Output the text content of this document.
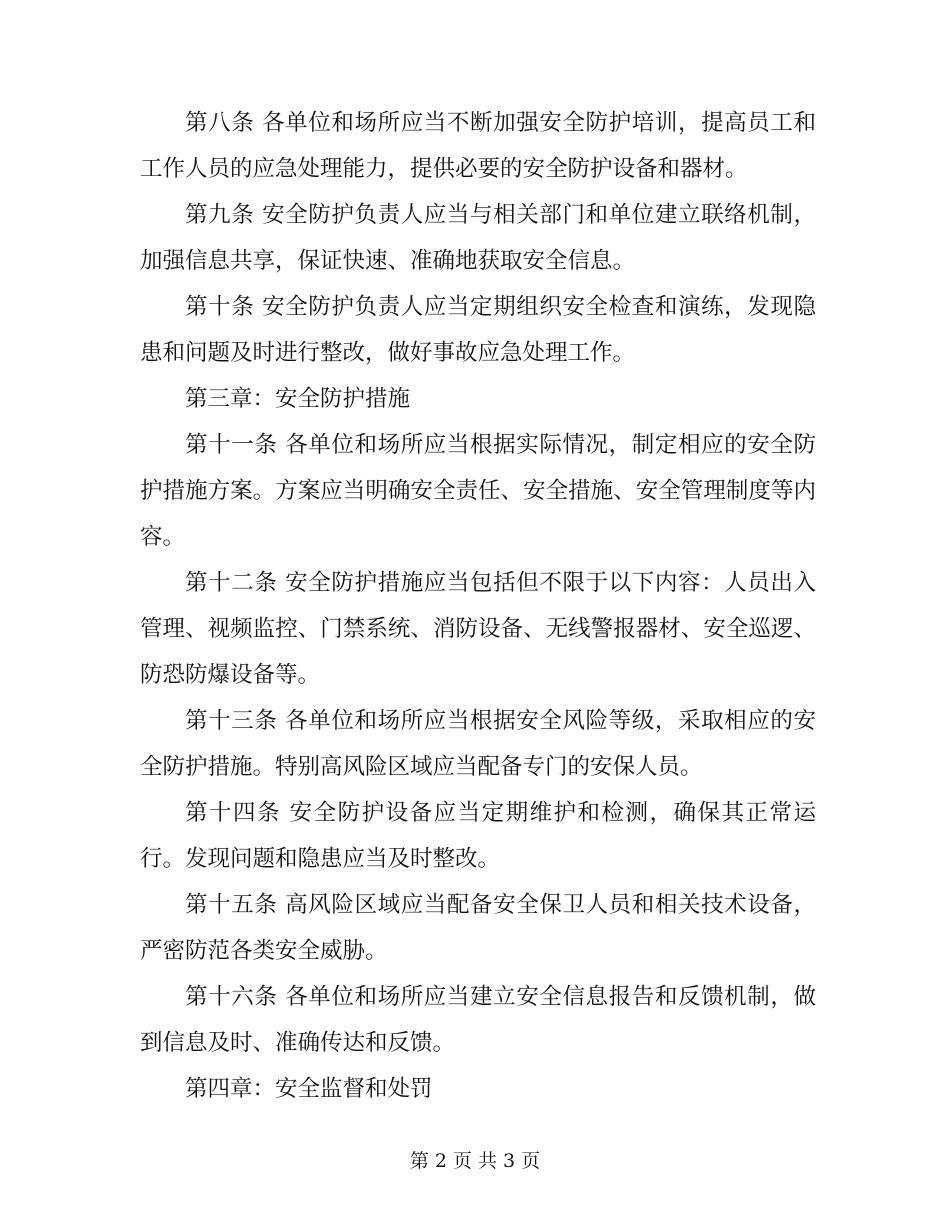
第八条 各单位和场所应当不断加强安全防护培训，提高员工和工作人员的应急处理能力，提供必要的安全防护设备和器材。

第九条 安全防护负责人应当与相关部门和单位建立联络机制，加强信息共享，保证快速、准确地获取安全信息。

第十条 安全防护负责人应当定期组织安全检查和演练，发现隐患和问题及时进行整改，做好事故应急处理工作。

第三章：安全防护措施

第十一条 各单位和场所应当根据实际情况，制定相应的安全防护措施方案。方案应当明确安全责任、安全措施、安全管理制度等内容。

第十二条 安全防护措施应当包括但不限于以下内容：人员出入管理、视频监控、门禁系统、消防设备、无线警报器材、安全巡逻、防恐防爆设备等。

第十三条 各单位和场所应当根据安全风险等级，采取相应的安全防护措施。特别高风险区域应当配备专门的安保人员。

第十四条 安全防护设备应当定期维护和检测，确保其正常运行。发现问题和隐患应当及时整改。

第十五条 高风险区域应当配备安全保卫人员和相关技术设备，严密防范各类安全威胁。

第十六条 各单位和场所应当建立安全信息报告和反馈机制，做到信息及时、准确传达和反馈。

第四章：安全监督和处罚

第 2 页 共 3 页
